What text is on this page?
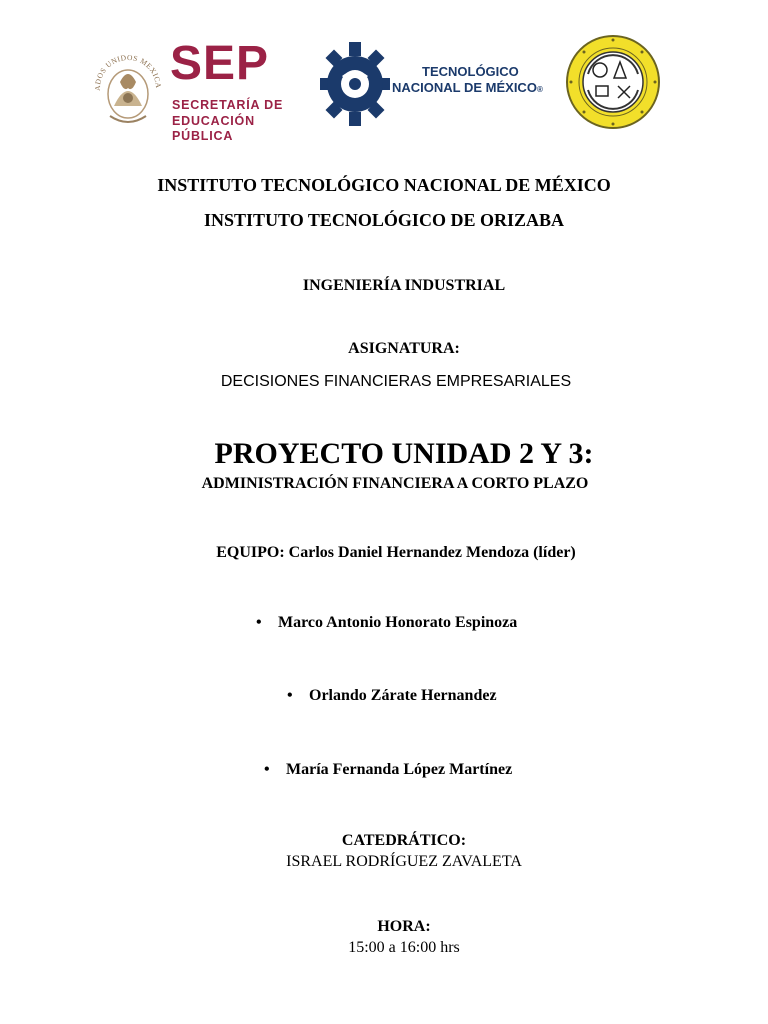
ADOS UNIDOS MEXICA SEP
SECRETARÍA DE
EDUCACIÓN PÚBLICA
TECNOLÓGICO
NACIONAL DE MÉXICO®
INSTITUTO TECNOLÓGICO NACIONAL DE MÉXICO
INSTITUTO TECNOLÓGICO DE ORIZABA
INGENIERÍA INDUSTRIAL
ASIGNATURA:
DECISIONES FINANCIERAS EMPRESARIALES
PROYECTO UNIDAD 2 Y 3:
ADMINISTRACIÓN FINANCIERA A CORTO PLAZO
EQUIPO: Carlos Daniel Hernandez Mendoza (líder)
• Marco Antonio Honorato Espinoza
• Orlando Zárate Hernandez
• María Fernanda López Martínez
CATEDRÁTICO:
ISRAEL RODRÍGUEZ ZAVALETA
HORA:
15:00 a 16:00 hrs
